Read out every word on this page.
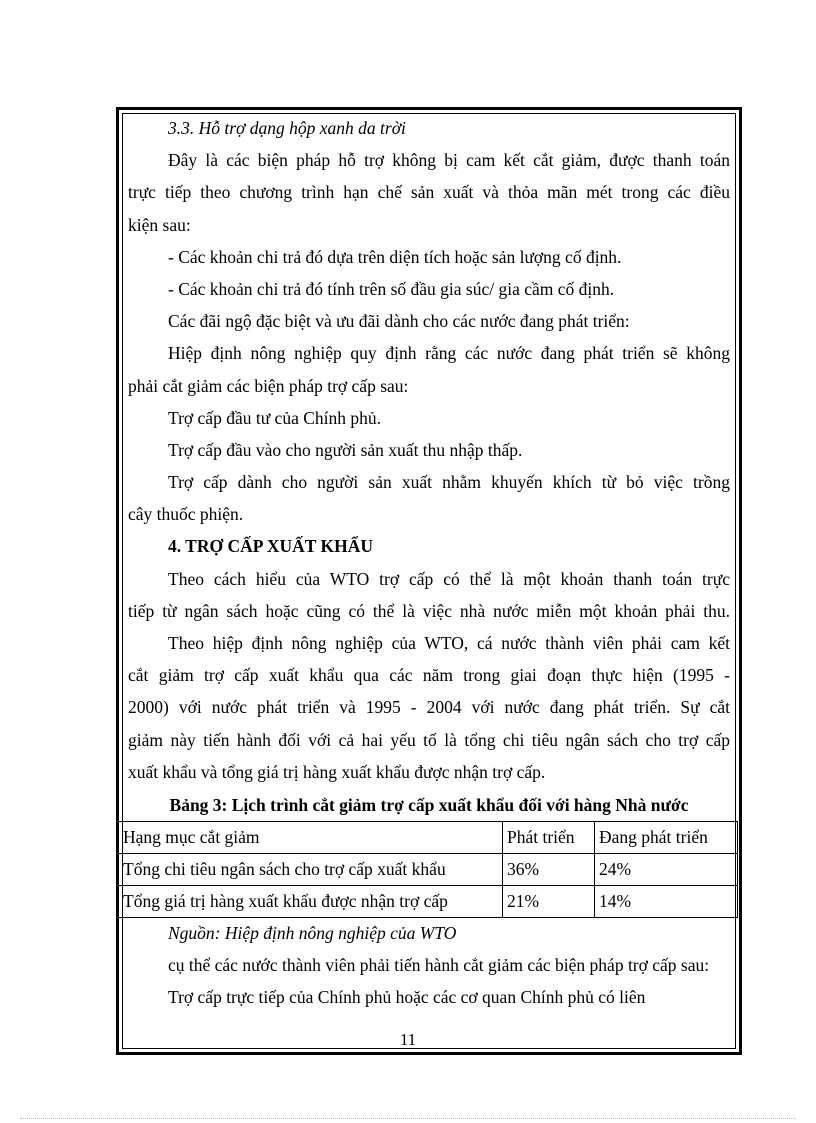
3.3. Hỗ trợ dạng hộp xanh da trời
Đây là các biện pháp hỗ trợ không bị cam kết cắt giảm, được thanh toán
trực tiếp theo chương trình hạn chế sản xuất và thỏa mãn mét trong các điều
kiện sau:
- Các khoản chi trả đó dựa trên diện tích hoặc sản lượng cố định.
- Các khoản chi trả đó tính trên số đầu gia súc/ gia cầm cố định.
Các đãi ngộ đặc biệt và ưu đãi dành cho các nước đang phát triển:
Hiệp định nông nghiệp quy định rằng các nước đang phát triển sẽ không
phải cắt giảm các biện pháp trợ cấp sau:
Trợ cấp đầu tư của Chính phủ.
Trợ cấp đầu vào cho người sản xuất thu nhập thấp.
Trợ cấp dành cho người sản xuất nhằm khuyến khích từ bỏ việc trồng
cây thuốc phiện.
4. TRỢ CẤP XUẤT KHẨU
Theo cách hiểu của WTO trợ cấp có thể là một khoản thanh toán trực
tiếp từ ngân sách hoặc cũng có thể là việc nhà nước miễn một khoản phải thu.
Theo hiệp định nông nghiệp của WTO, cá nước thành viên phải cam kết
cắt giảm trợ cấp xuất khẩu qua các năm trong giai đoạn thực hiện (1995 -
2000) với nước phát triển và 1995 - 2004 với nước đang phát triển. Sự cắt
giảm này tiến hành đối với cả hai yếu tố là tổng chi tiêu ngân sách cho trợ cấp
xuất khẩu và tổng giá trị hàng xuất khẩu được nhận trợ cấp.
Bảng 3: Lịch trình cắt giảm trợ cấp xuất khẩu đối với hàng Nhà nước
Hạng mục cắt giảm	Phát triển	Đang phát triển
Tổng chi tiêu ngân sách cho trợ cấp xuất khẩu	36%	24%
Tổng giá trị hàng xuất khẩu được nhận trợ cấp	21%	14%
Nguồn: Hiệp định nông nghiệp của WTO
cụ thể các nước thành viên phải tiến hành cắt giảm các biện pháp trợ cấp sau:
Trợ cấp trực tiếp của Chính phủ hoặc các cơ quan Chính phủ có liên
11
